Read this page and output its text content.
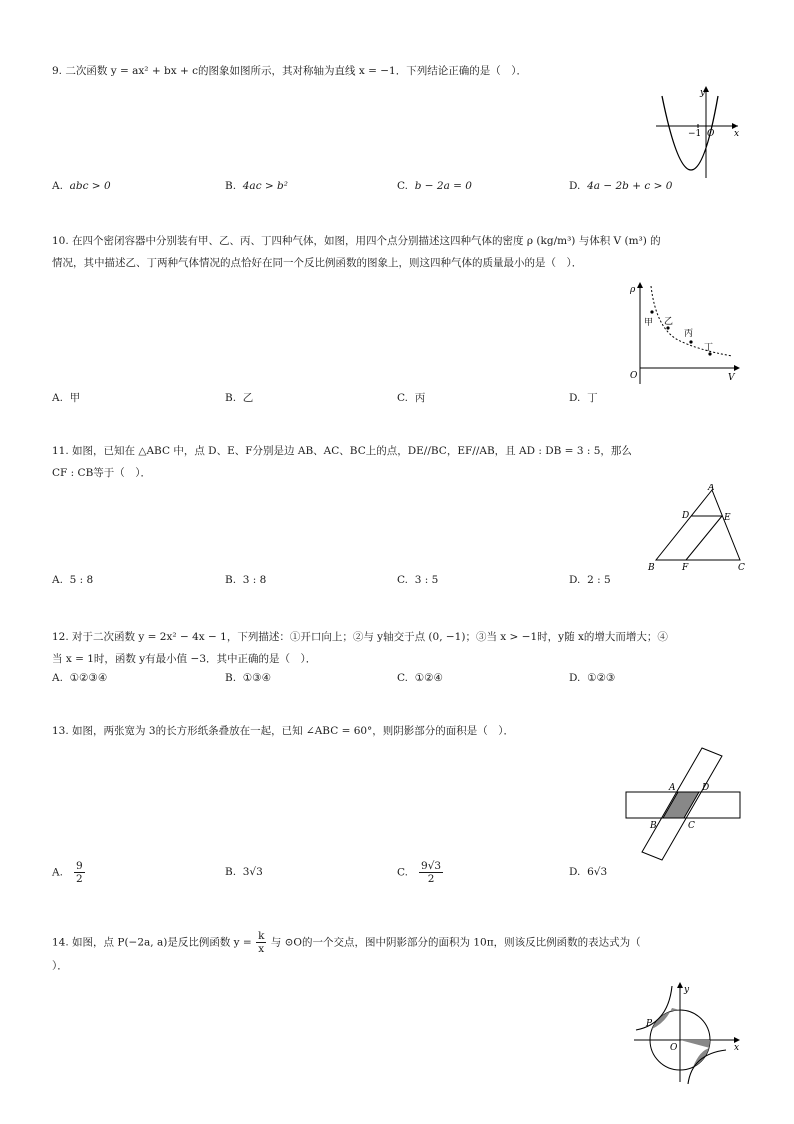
9. 二次函数 y = ax² + bx + c的图象如图所示，其对称轴为直线 x = −1．下列结论正确的是（　）．
y
x
−1 O
A. abc > 0	B. 4ac > b²	C. b − 2a = 0	D. 4a − 2b + c > 0
10. 在四个密闭容器中分别装有甲、乙、丙、丁四种气体，如图，用四个点分别描述这四种气体的密度 ρ (kg/m³) 与体积 V (m³) 的
情况，其中描述乙、丁两种气体情况的点恰好在同一个反比例函数的图象上，则这四种气体的质量最小的是（　）．
ρ
V
O
甲 乙
丙
丁
A. 甲	B. 乙	C. 丙	D. 丁
11. 如图，已知在 △ABC 中，点 D、E、F分别是边 AB、AC、BC上的点，DE//BC，EF//AB，且 AD : DB = 3 : 5，那么
CF : CB等于（　）．
A
B	C
D	E
F
A. 5 : 8	B. 3 : 8	C. 3 : 5	D. 2 : 5
12. 对于二次函数 y = 2x² − 4x − 1，下列描述：①开口向上；②与 y轴交于点 (0, −1)；③当 x > −1时，y随 x的增大而增大；④
当 x = 1时，函数 y有最小值 −3．其中正确的是（　）．
A. ①②③④	B. ①③④	C. ①②④	D. ①②③
13. 如图，两张宽为 3的长方形纸条叠放在一起，已知 ∠ABC = 60°，则阴影部分的面积是（　）．
A	D
B	C
A. $\frac{9}{2}$	B. 3√3	C. $\frac{9√3}{2}$	D. 6√3
14. 如图，点 P(−2a, a)是反比例函数 $y = \frac{k}{x}$ 与 ⊙O的一个交点，图中阴影部分的面积为 10π，则该反比例函数的表达式为（
）．
y
x
O
P
